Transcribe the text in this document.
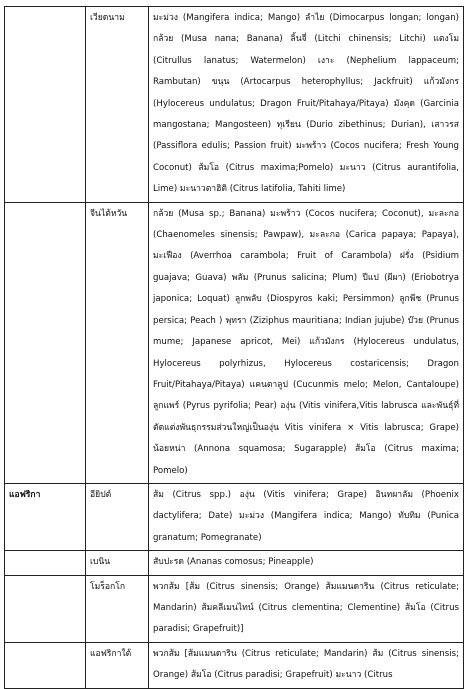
	เวียดนาม	มะม่วง (Mangifera indica; Mango) ลำไย (Dimocarpus longan; longan) กล้วย (Musa nana; Banana) ลิ้นจี่ (Litchi chinensis; Litchi) แตงโม (Citrullus lanatus; Watermelon) เงาะ (Nephelium lappaceum; Rambutan) ขนุน (Artocarpus heterophyllus; Jackfruit) แก้วมังกร (Hylocereus undulatus; Dragon Fruit/Pitahaya/Pitaya) มังคุด (Garcinia mangostana; Mangosteen) ทุเรียน (Durio zibethinus; Durian), เสาวรส (Passiflora edulis; Passion fruit) มะพร้าว (Cocos nucifera; Fresh Young Coconut) ส้มโอ (Citrus maxima;Pomelo) มะนาว (Citrus aurantifolia, Lime) มะนาวตาฮิติ (Citrus latifolia, Tahiti lime)
	จีนไต้หวัน	กล้วย (Musa sp.; Banana) มะพร้าว (Cocos nucifera; Coconut), มะละกอ (Chaenomeles sinensis; Pawpaw), มะละกอ (Carica papaya; Papaya), มะเฟือง (Averrhoa carambola; Fruit of Carambola) ฝรั่ง (Psidium guajava; Guava) พลัม (Prunus salicina; Plum) ปีแป (ผีผา) (Eriobotrya japonica; Loquat) ลูกพลับ (Diospyros kaki; Persimmon) ลูกพีช (Prunus persica; Peach ) พุทรา (Ziziphus mauritiana; Indian jujube) บ๊วย (Prunus mume; Japanese apricot, Mei) แก้วมังกร (Hylocereus undulatus, Hylocereus polyrhizus, Hylocereus costaricensis; Dragon Fruit/Pitahaya/Pitaya) แคนตาลูป (Cucunmis melo; Melon, Cantaloupe) ลูกแพร์ (Pyrus pyrifolia; Pear) องุ่น (Vitis vinifera,Vitis labrusca และพันธุ์ที่ตัดแต่งพันธุกรรมส่วนใหญ่เป็นองุ่น Vitis vinifera × Vitis labrusca; Grape) น้อยหน่า (Annona squamosa; Sugarapple) ส้มโอ (Citrus maxima; Pomelo)
แอฟริกา	อียิปต์	ส้ม (Citrus spp.) องุ่น (Vitis vinifera; Grape) อินทผาลัม (Phoenix dactylifera; Date) มะม่วง (Mangifera indica; Mango) ทับทิม (Punica granatum; Pomegranate)
	เบนิน	สับปะรด (Ananas comosus; Pineapple)
	โมร็อกโก	พวกส้ม [ส้ม (Citrus sinensis; Orange) ส้มแมนดาริน (Citrus reticulate; Mandarin) ส้มคลีเมนไทน์ (Citrus clementina; Clementine) ส้มโอ (Citrus paradisi; Grapefruit)]
	แอฟริกาใต้	พวกส้ม [ส้มแมนดาริน (Citrus reticulate; Mandarin) ส้ม (Citrus sinensis; Orange) ส้มโอ (Citrus paradisi; Grapefruit) มะนาว (Citrus
